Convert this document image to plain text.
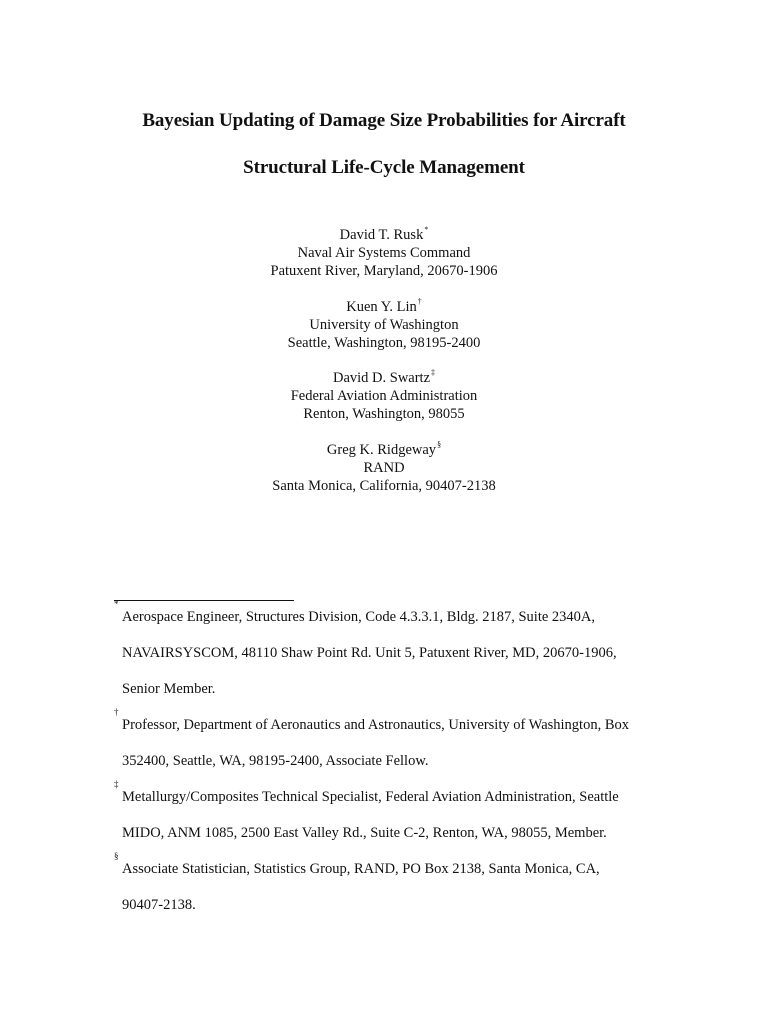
Bayesian Updating of Damage Size Probabilities for Aircraft
Structural Life-Cycle Management
David T. Rusk*
Naval Air Systems Command
Patuxent River, Maryland, 20670-1906
Kuen Y. Lin†
University of Washington
Seattle, Washington, 98195-2400
David D. Swartz‡
Federal Aviation Administration
Renton, Washington, 98055
Greg K. Ridgeway§
RAND
Santa Monica, California, 90407-2138
*
Aerospace Engineer, Structures Division, Code 4.3.3.1, Bldg. 2187, Suite 2340A,
NAVAIRSYSCOM, 48110 Shaw Point Rd. Unit 5, Patuxent River, MD, 20670-1906,
Senior Member.
†
Professor, Department of Aeronautics and Astronautics, University of Washington, Box
352400, Seattle, WA, 98195-2400, Associate Fellow.
‡
Metallurgy/Composites Technical Specialist, Federal Aviation Administration, Seattle
MIDO, ANM 1085, 2500 East Valley Rd., Suite C-2, Renton, WA, 98055, Member.
§
Associate Statistician, Statistics Group, RAND, PO Box 2138, Santa Monica, CA,
90407-2138.
